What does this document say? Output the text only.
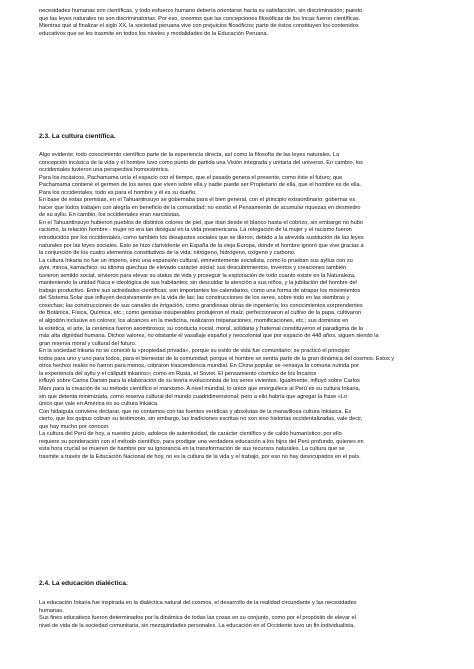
necesidades humanas son científicas, y todo esfuerzo humano debería orientarse hacia su satisfacción, sin discriminación; puesto
que las leyes naturales no son discriminatorias. Por eso, creemos que las concepciones filosóficas de los Incas fueron científicas.
Mientras que al finalizar el siglo XX, la sociedad peruana vive con prejuicios filosóficos; parte de éstos constituyen los contenidos
educativos que se les trasmite en todos los niveles y modalidades de la Educación Peruana.

2.3. La cultura científica.

Algo evidente; todo conocimiento científico parte de la experiencia directa, así como la filosofía de las leyes naturales. La
concepción incásica de la vida y el hombre tuvo como punto de partida una Visión integrada y unitaria del universo. En cambio, los
occidentales tuvieron una perspectiva homocéntrica.
Para los incásicos, Pachamama unía el espacio con el tiempo, que el pasado genera el presente, como éste el futuro; que
Pachamama contiene el germen de los seres que viven sobre ella y nadie puede ser Propietario de ella, que el hombre es de ella.
Para los occidentales, todo es para el hombre y él es su dueño.
En base de estas premisas, en el Tahuantinsuyo se gobernaba para el bien general, con el principio extraordinario: gobernar es
hacer que todos trabajen con alegría en beneficio de la comunidad; no existió el Pensamiento de acumular riquezas en desmedro
de su ayllu. En cambio, los occidentales eran narcisistas.
En el Tahuantinsuyo hubieron pueblos de distintos colores de piel, que iban desde el blanco hasta el cobrizo, sin embargo no hubo
racismo, la relación hombre - mujer no era tan desigual en la vida preamericana. La relegación de la mujer y el racismo fueron
introducidos por los occidentales, como también los desajustes sociales que se dieron, debido a la atrevida sustitución de las leyes
naturales por las leyes sociales. Esto se hizo clarividente en España de la vieja Europa, donde el hombre ignoró que vive gracias a
la conjunción de los cuatro elementos constitutivos de la vida: nitrógeno, hidrógeno, oxígeno y carbono.
La cultura Inkaria no fue un imperio, sino una expansión cultural, eminentemente socialista, como lo prueban sus ayllus con su
ayni, minca, kamachico; su idioma quechua de elevado carácter social; sus descubrimientos, inventos y creaciones también
tuvieron sentido social, sirvieron para elevar su status de vida y proseguir la exploración de todo cuanto existe en la Naturaleza,
manteniendo la unidad física e ideológica de sus habitantes; sin descuidar la atención a sus niños, y la jubilación del hombre del
trabajo productivo. Entre sus actividades científicas, son importantes los calendarios, como una forma de atrapar los movimientos
del Sistema Solar que influyen decisivamente en la vida de las; las construcciones de los seres, sobre todo en las siembras y
cosechas; las construcciones de sus canales de irrigación, como grandiosas obras de ingeniería; los conocimientos sorprendentes
de Botánica, Física, Química, etc.; como genistas insuperables produjeron el maíz, perfeccionaron el cultivo de la papa, cultivaron
el algodón inclusive en colores; los alcances en la medicina, realizaron trepanaciones, momificaciones, etc.; sus dominios en
la estética, el arte, la cerámica fueron asombrosos; su conducta social, moral, solidaria y fraternal constituyeron el paradigma de la
más alta dignidad humana. Dichos valores, no obstante el vasallaje español y neocolonial que por espacio de 448 años, siguen siendo la
gran reserva moral y cultural del futuro.
En la sociedad Inkaria no se conoció la «propiedad privada», porque su estilo de vida fue comunitario; se practicó el principio:
todos para uno y uno para todos, para el bienestar de la comunidad; porque el hombre se sentía parte de la gran dinámica del cosmos. Estos y
otros hechos reales no fueron para menos, cobraron trascendencia mundial. En China popular se «ensaya la comuna nutrida por
la experiencia del ayllu y el cáliputli inkarios»; como en Rusia, el Soviet. El pensamiento cósmico de los Incarios
influyó sobre Carlos Darwin para la elaboración de su teoría evolucionista de los seres vivientes. Igualmente, influyó sobre Carlos
Marx para la creación de su método científico el marxismo. A nivel mundial, lo único que enorgullece al Perú es su cultura Inkaria,
sin que detenta minimizada, como reserva cultural del mundo cuadridimensional; pero a ello habría que agregar la frase «Lo
único que vale en América es su cultura Inkaica.
Con hidalguía conviene declarar, que no contamos con las fuentes verídicas y absolutas de la maravillosa cultura inkásica. Es
cierto, que los quipus cobran su testimonio, sin embargo, las tradiciones escritas no son sino historias occidentalizadas, vale decir,
que hay mucho por conocer.
La cultura del Perú de hoy, a nuestro juicio, adolece de autenticidad, de carácter científico y de caldo humanístico; por ello
requiere su ponderación con el método científico, para prodigar una verdadera educación a los hijos del Perú profundo, quienes en
esta hora crucial se mueren de hambre por su ignorancia en la transformación de sus recursos naturales. La cultura que se
trasmite a través de la Educación Nacional de hoy, no es la cultura de la vida y el trabajo, por eso no hay desocupados en el país.

2.4. La educación dialéctica.

La educación Inkaria fue inspirada en la dialéctica natural del cosmos, el desarrollo de la realidad circundante y las necesidades
humanas.
Sus fines educativos fueron determinados por la dinámica de todas las cosas en su conjunto, como por el propósito de elevar el
nivel de vida de la sociedad comunitaria, sin mezquindades personales. La educación en el Occidente tuvo un fin individualista,
